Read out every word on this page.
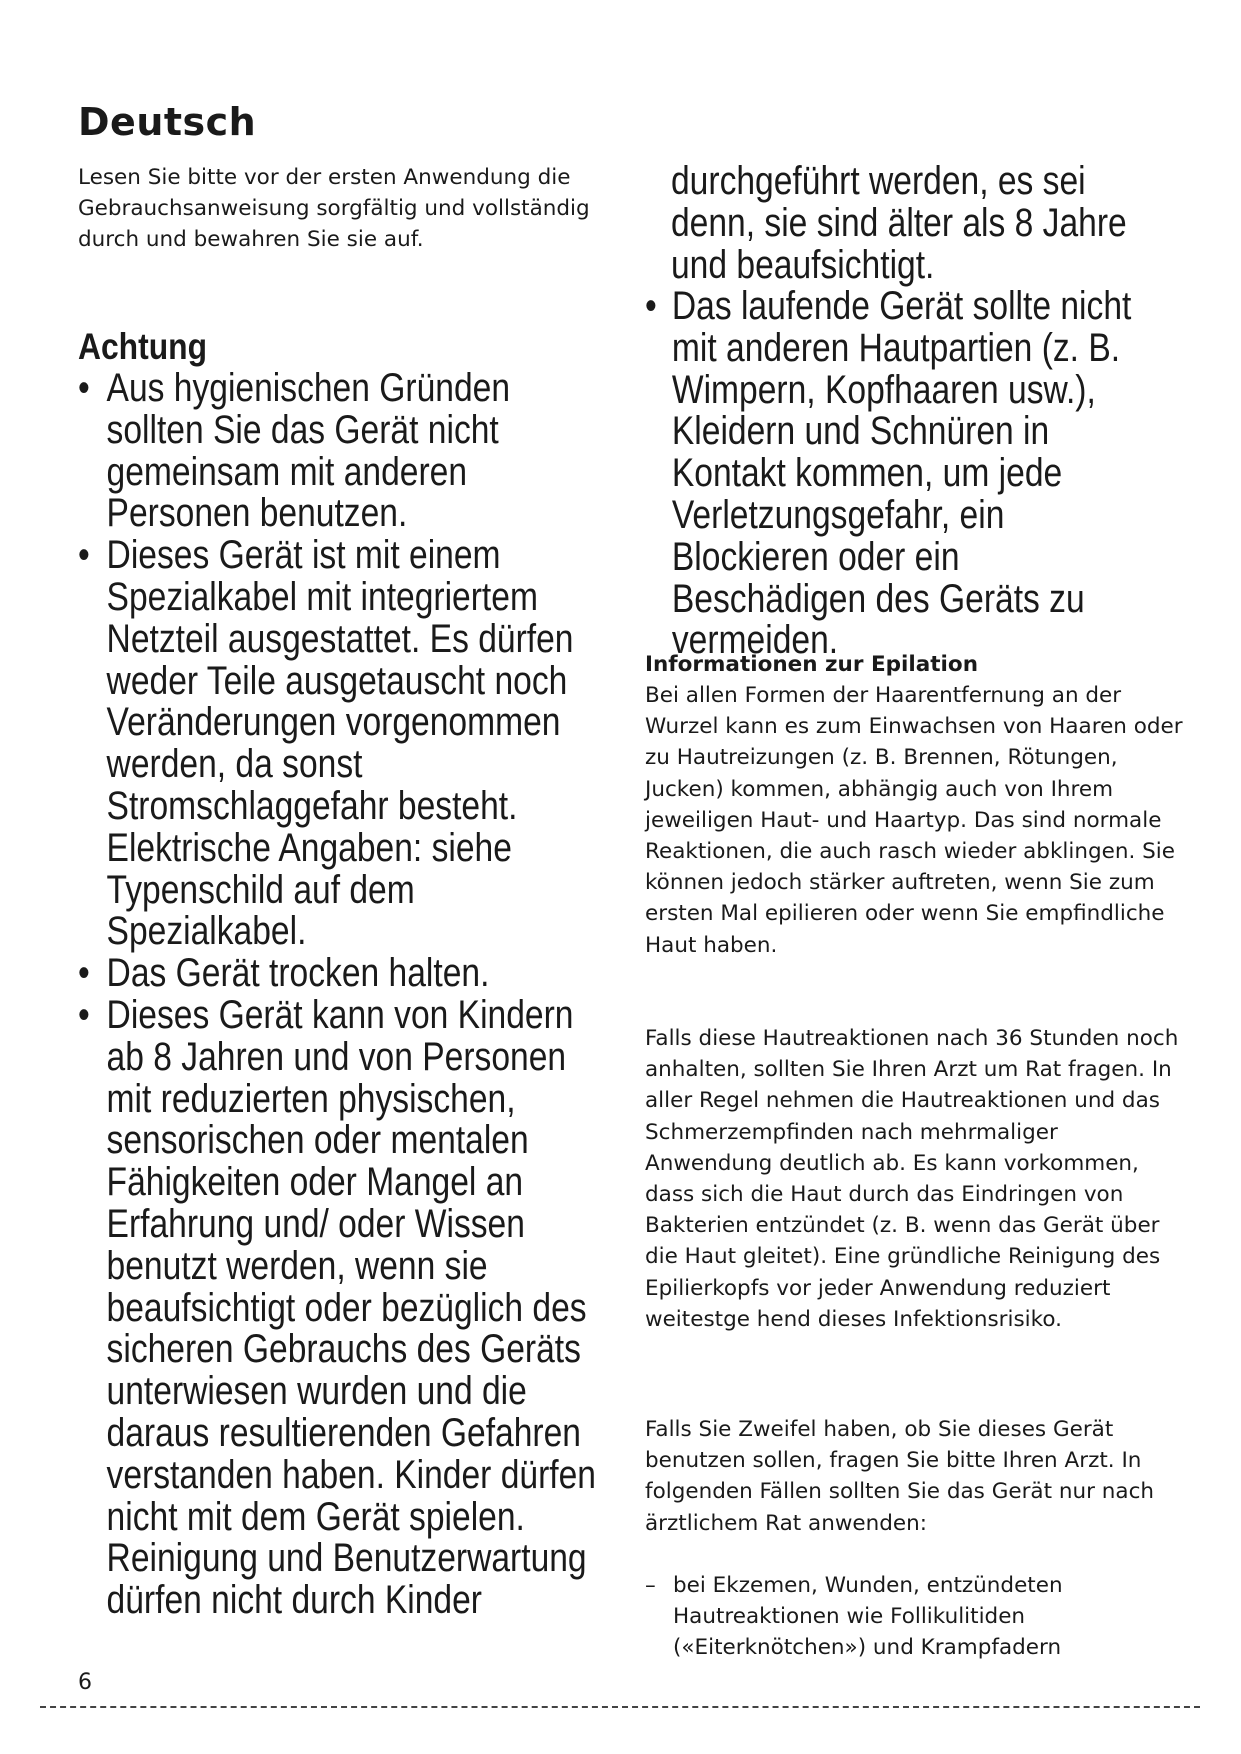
Deutsch

Lesen Sie bitte vor der ersten Anwendung die Gebrauchsanweisung sorgfältig und vollständig durch und bewahren Sie sie auf.

Achtung
• Aus hygienischen Gründen sollten Sie das Gerät nicht gemeinsam mit anderen Personen benutzen.
• Dieses Gerät ist mit einem Spezialkabel mit integriertem Netzteil ausgestattet. Es dürfen weder Teile ausgetauscht noch Veränderungen vorgenommen werden, da sonst Stromschlaggefahr besteht. Elektrische Angaben: siehe Typenschild auf dem Spezialkabel.
• Das Gerät trocken halten.
• Dieses Gerät kann von Kindern ab 8 Jahren und von Personen mit reduzierten physischen, sensorischen oder mentalen Fähigkeiten oder Mangel an Erfahrung und/ oder Wissen benutzt werden, wenn sie beaufsichtigt oder bezüglich des sicheren Gebrauchs des Geräts unterwiesen wurden und die daraus resultierenden Gefahren verstanden haben. Kinder dürfen nicht mit dem Gerät spielen. Reinigung und Benutzerwartung dürfen nicht durch Kinder

durchgeführt werden, es sei denn, sie sind älter als 8 Jahre und beaufsichtigt.

• Das laufende Gerät sollte nicht mit anderen Hautpartien (z. B. Wimpern, Kopfhaaren usw.), Kleidern und Schnüren in Kontakt kommen, um jede Verletzungsgefahr, ein Blockieren oder ein Beschädigen des Geräts zu vermeiden.
Informationen zur Epilation

Bei allen Formen der Haarentfernung an der Wurzel kann es zum Einwachsen von Haaren oder zu Hautreizungen (z. B. Brennen, Rötungen, Jucken) kommen, abhängig auch von Ihrem jeweiligen Haut- und Haartyp. Das sind normale Reaktionen, die auch rasch wieder abklingen. Sie können jedoch stärker auftreten, wenn Sie zum ersten Mal epilieren oder wenn Sie empfindliche Haut haben.

Falls diese Hautreaktionen nach 36 Stunden noch anhalten, sollten Sie Ihren Arzt um Rat fragen. In aller Regel nehmen die Hautreaktionen und das Schmerzempfinden nach mehrmaliger Anwendung deutlich ab. Es kann vorkommen, dass sich die Haut durch das Eindringen von Bakterien entzündet (z. B. wenn das Gerät über die Haut gleitet). Eine gründliche Reinigung des Epilierkopfs vor jeder Anwendung reduziert weitestge hend dieses Infektionsrisiko.

Falls Sie Zweifel haben, ob Sie dieses Gerät benutzen sollen, fragen Sie bitte Ihren Arzt. In folgenden Fällen sollten Sie das Gerät nur nach ärztlichem Rat anwenden:

– bei Ekzemen, Wunden, entzündeten Hautreaktionen wie Follikulitiden («Eiterknötchen») und Krampfadern

6
